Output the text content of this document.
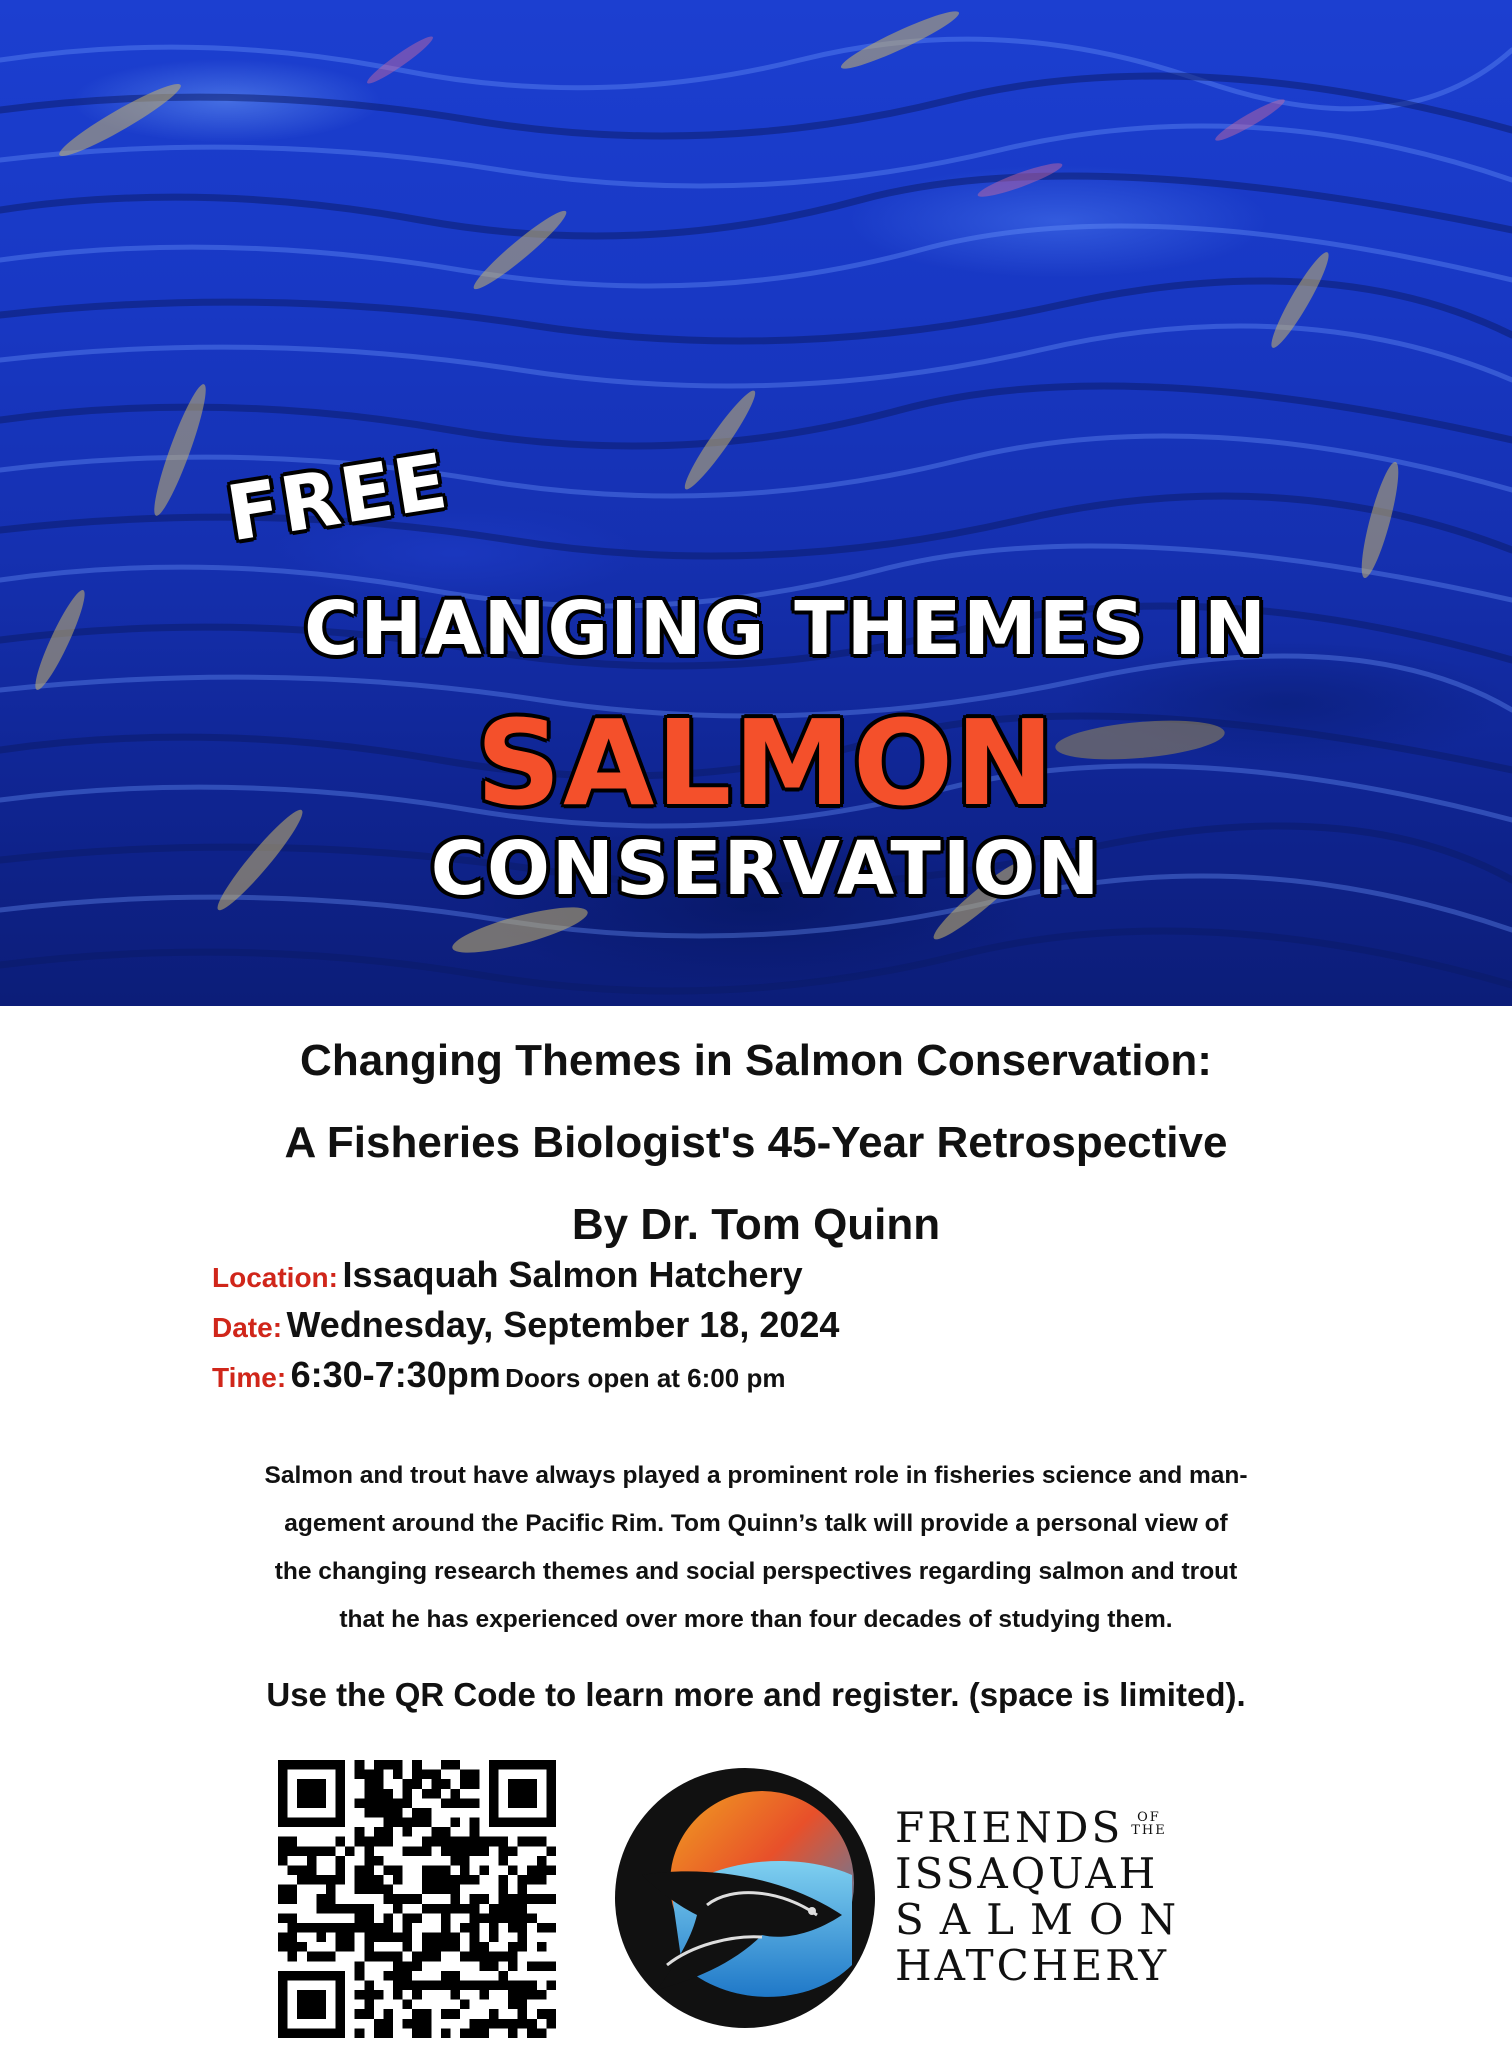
FREE
CHANGING THEMES IN
SALMON
CONSERVATION
Changing Themes in Salmon Conservation:
A Fisheries Biologist's 45-Year Retrospective
By Dr. Tom Quinn
Location: Issaquah Salmon Hatchery
Date: Wednesday, September 18, 2024
Time: 6:30-7:30pm Doors open at 6:00 pm
Salmon and trout have always played a prominent role in fisheries science and man-
agement around the Pacific Rim. Tom Quinn’s talk will provide a personal view of
the changing research themes and social perspectives regarding salmon and trout
that he has experienced over more than four decades of studying them.
Use the QR Code to learn more and register. (space is limited).
FRIENDS OF
THE
ISSAQUAH
SALMON
HATCHERY
